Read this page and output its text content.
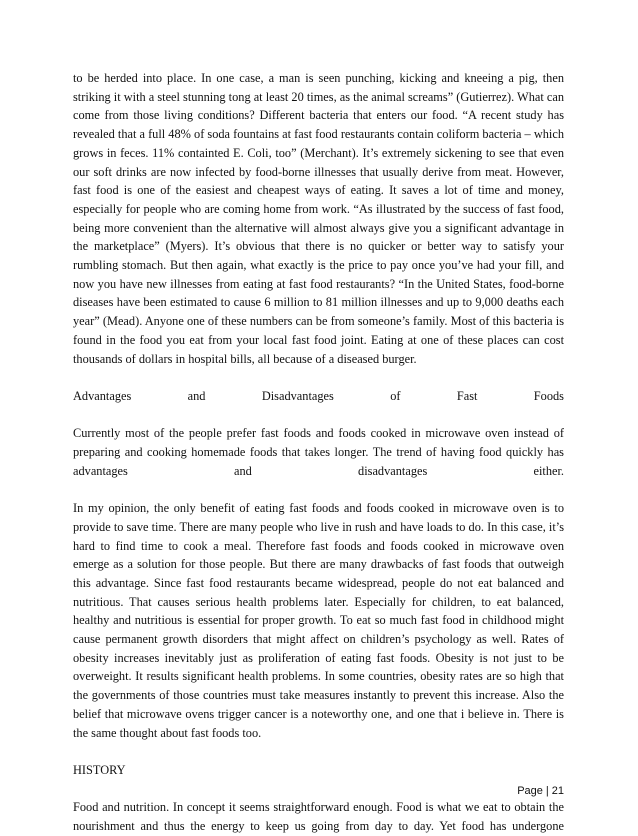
to be herded into place. In one case, a man is seen punching, kicking and kneeing a pig, then striking it with a steel stunning tong at least 20 times, as the animal screams” (Gutierrez). What can come from those living conditions? Different bacteria that enters our food. “A recent study has revealed that a full 48% of soda fountains at fast food restaurants contain coliform bacteria – which grows in feces. 11% containted E. Coli, too” (Merchant). It’s extremely sickening to see that even our soft drinks are now infected by food-borne illnesses that usually derive from meat. However, fast food is one of the easiest and cheapest ways of eating. It saves a lot of time and money, especially for people who are coming home from work. “As illustrated by the success of fast food, being more convenient than the alternative will almost always give you a significant advantage in the marketplace” (Myers). It’s obvious that there is no quicker or better way to satisfy your rumbling stomach. But then again, what exactly is the price to pay once you’ve had your fill, and now you have new illnesses from eating at fast food restaurants? “In the United States, food-borne diseases have been estimated to cause 6 million to 81 million illnesses and up to 9,000 deaths each year” (Mead). Anyone one of these numbers can be from someone’s family. Most of this bacteria is found in the food you eat from your local fast food joint. Eating at one of these places can cost thousands of dollars in hospital bills, all because of a diseased burger.

Advantages and Disadvantages of Fast Foods

Currently most of the people prefer fast foods and foods cooked in microwave oven instead of preparing and cooking homemade foods that takes longer. The trend of having food quickly has advantages and disadvantages either.

In my opinion, the only benefit of eating fast foods and foods cooked in microwave oven is to provide to save time. There are many people who live in rush and have loads to do. In this case, it’s hard to find time to cook a meal. Therefore fast foods and foods cooked in microwave oven emerge as a solution for those people. But there are many drawbacks of fast foods that outweigh this advantage. Since fast food restaurants became widespread, people do not eat balanced and nutritious. That causes serious health problems later. Especially for children, to eat balanced, healthy and nutritious is essential for proper growth. To eat so much fast food in childhood might cause permanent growth disorders that might affect on children’s psychology as well. Rates of obesity increases inevitably just as proliferation of eating fast foods. Obesity is not just to be overweight. It results significant health problems. In some countries, obesity rates are so high that the governments of those countries must take measures instantly to prevent this increase. Also the belief that microwave ovens trigger cancer is a noteworthy one, and one that i believe in. There is the same thought about fast foods too.

HISTORY

Food and nutrition. In concept it seems straightforward enough. Food is what we eat to obtain the nourishment and thus the energy to keep us going from day to day. Yet food has undergone

Page | 21
